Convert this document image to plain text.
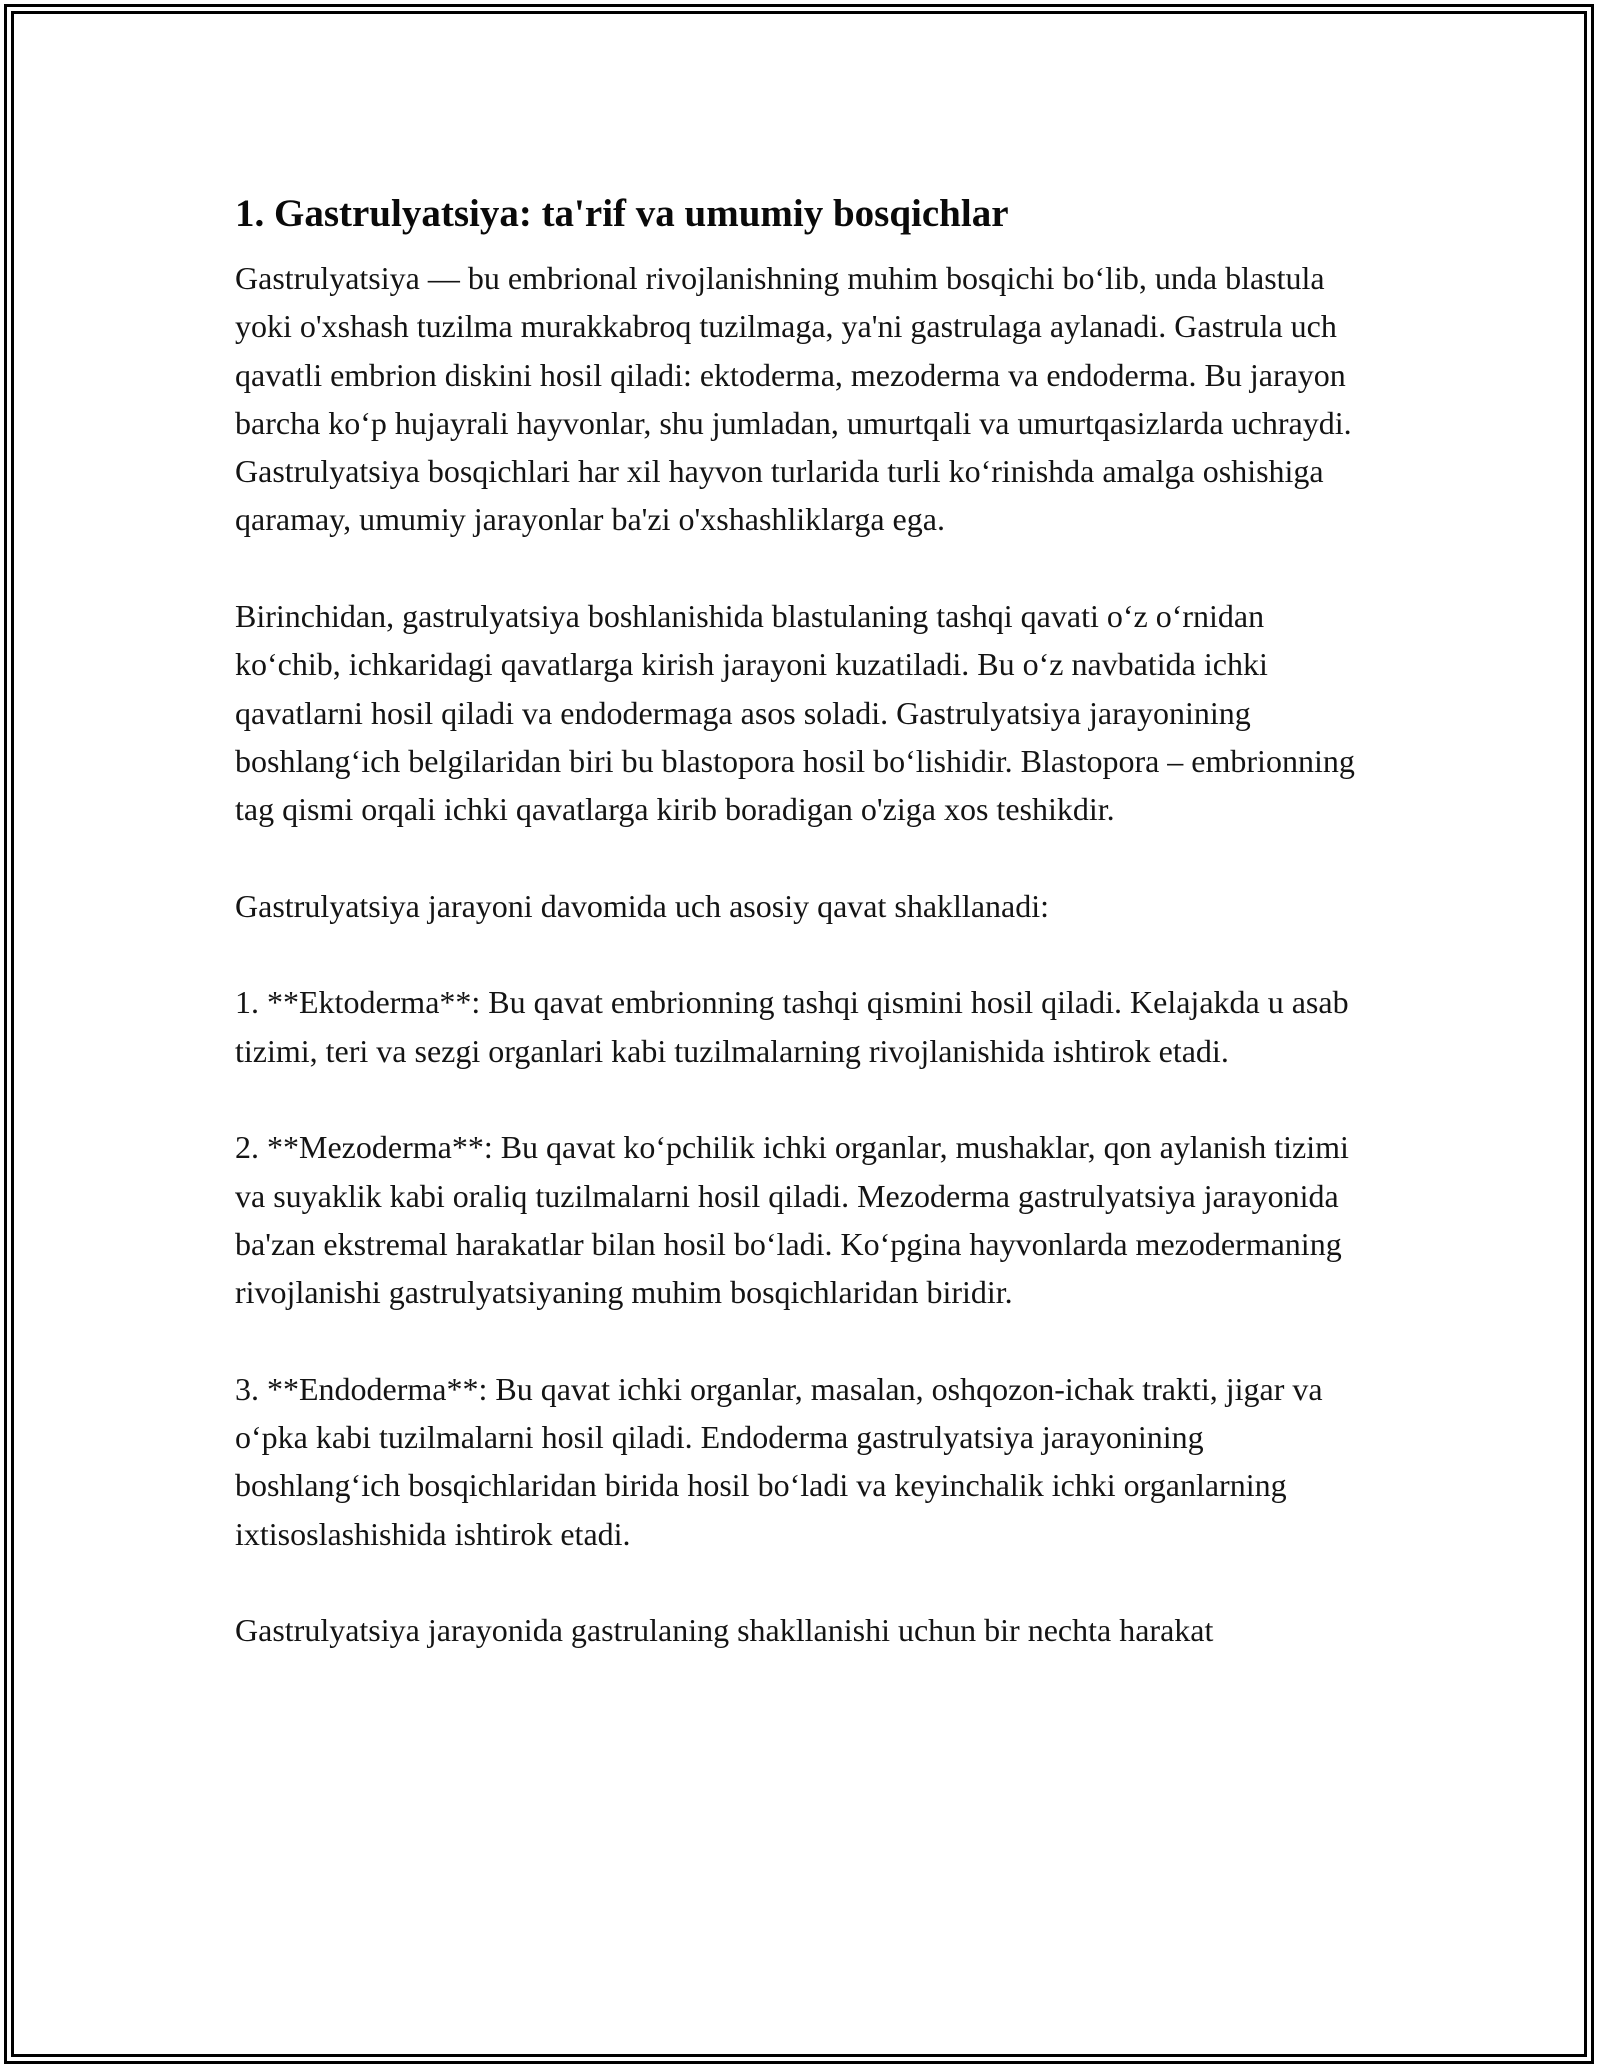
1. Gastrulyatsiya: ta'rif va umumiy bosqichlar

Gastrulyatsiya — bu embrional rivojlanishning muhim bosqichi bo‘lib, unda blastula yoki o'xshash tuzilma murakkabroq tuzilmaga, ya'ni gastrulaga aylanadi. Gastrula uch qavatli embrion diskini hosil qiladi: ektoderma, mezoderma va endoderma. Bu jarayon barcha ko‘p hujayrali hayvonlar, shu jumladan, umurtqali va umurtqasizlarda uchraydi. Gastrulyatsiya bosqichlari har xil hayvon turlarida turli ko‘rinishda amalga oshishiga qaramay, umumiy jarayonlar ba'zi o'xshashliklarga ega.

Birinchidan, gastrulyatsiya boshlanishida blastulaning tashqi qavati o‘z o‘rnidan ko‘chib, ichkaridagi qavatlarga kirish jarayoni kuzatiladi. Bu o‘z navbatida ichki qavatlarni hosil qiladi va endodermaga asos soladi. Gastrulyatsiya jarayonining boshlang‘ich belgilaridan biri bu blastopora hosil bo‘lishidir. Blastopora – embrionning tag qismi orqali ichki qavatlarga kirib boradigan o'ziga xos teshikdir.

Gastrulyatsiya jarayoni davomida uch asosiy qavat shakllanadi:

1. **Ektoderma**: Bu qavat embrionning tashqi qismini hosil qiladi. Kelajakda u asab tizimi, teri va sezgi organlari kabi tuzilmalarning rivojlanishida ishtirok etadi.

2. **Mezoderma**: Bu qavat ko‘pchilik ichki organlar, mushaklar, qon aylanish tizimi va suyaklik kabi oraliq tuzilmalarni hosil qiladi. Mezoderma gastrulyatsiya jarayonida ba'zan ekstremal harakatlar bilan hosil bo‘ladi. Ko‘pgina hayvonlarda mezodermaning rivojlanishi gastrulyatsiyaning muhim bosqichlaridan biridir.

3. **Endoderma**: Bu qavat ichki organlar, masalan, oshqozon-ichak trakti, jigar va o‘pka kabi tuzilmalarni hosil qiladi. Endoderma gastrulyatsiya jarayonining boshlang‘ich bosqichlaridan birida hosil bo‘ladi va keyinchalik ichki organlarning ixtisoslashishida ishtirok etadi.

Gastrulyatsiya jarayonida gastrulaning shakllanishi uchun bir nechta harakat
